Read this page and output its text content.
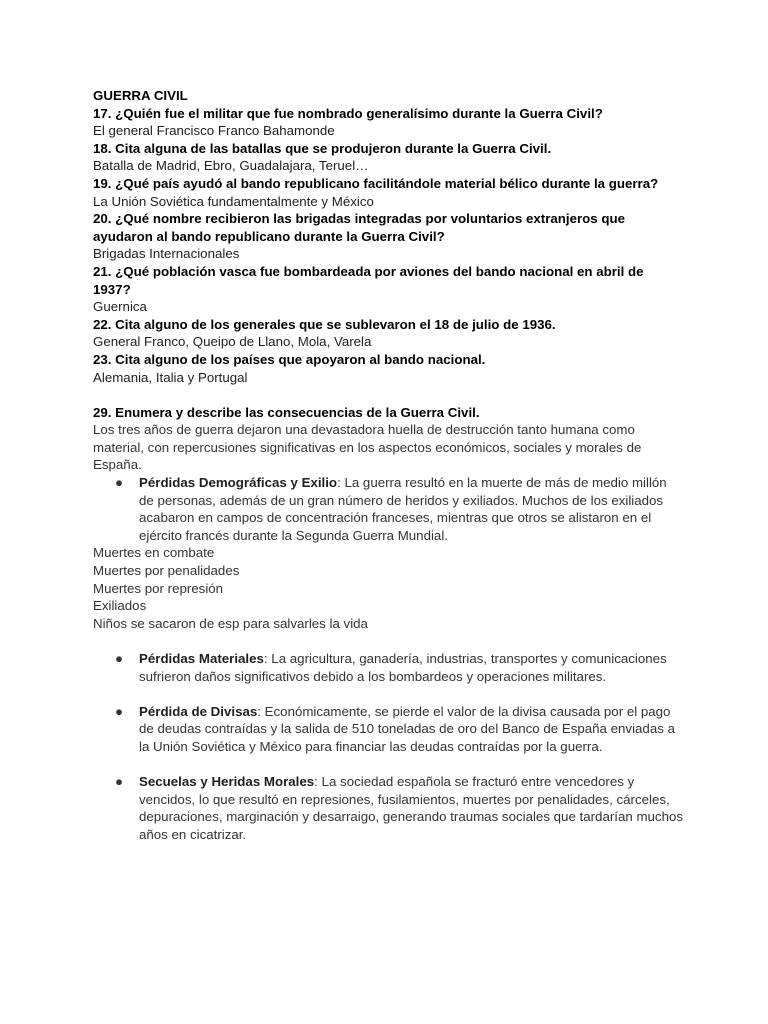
GUERRA CIVIL

17. ¿Quién fue el militar que fue nombrado generalísimo durante la Guerra Civil?

El general Francisco Franco Bahamonde

18. Cita alguna de las batallas que se produjeron durante la Guerra Civil.

Batalla de Madrid, Ebro, Guadalajara, Teruel…

19. ¿Qué país ayudó al bando republicano facilitándole material bélico durante la guerra?

La Unión Soviética fundamentalmente y México

20. ¿Qué nombre recibieron las brigadas integradas por voluntarios extranjeros que ayudaron al bando republicano durante la Guerra Civil?

Brigadas Internacionales

21. ¿Qué población vasca fue bombardeada por aviones del bando nacional en abril de 1937?

Guernica

22. Cita alguno de los generales que se sublevaron el 18 de julio de 1936.

General Franco, Queipo de Llano, Mola, Varela

23. Cita alguno de los países que apoyaron al bando nacional.

Alemania, Italia y Portugal

29. Enumera y describe las consecuencias de la Guerra Civil.

Los tres años de guerra dejaron una devastadora huella de destrucción tanto humana como material, con repercusiones significativas en los aspectos económicos, sociales y morales de España.

● Pérdidas Demográficas y Exilio: La guerra resultó en la muerte de más de medio millón de personas, además de un gran número de heridos y exiliados. Muchos de los exiliados acabaron en campos de concentración franceses, mientras que otros se alistaron en el ejército francés durante la Segunda Guerra Mundial.

Muertes en combate

Muertes por penalidades

Muertes por represión

Exiliados

Niños se sacaron de esp para salvarles la vida

● Pérdidas Materiales: La agricultura, ganadería, industrias, transportes y comunicaciones sufrieron daños significativos debido a los bombardeos y operaciones militares.
● Pérdida de Divisas: Económicamente, se pierde el valor de la divisa causada por el pago de deudas contraídas y la salida de 510 toneladas de oro del Banco de España enviadas a la Unión Soviética y México para financiar las deudas contraídas por la guerra.
● Secuelas y Heridas Morales: La sociedad española se fracturó entre vencedores y vencidos, lo que resultó en represiones, fusilamientos, muertes por penalidades, cárceles, depuraciones, marginación y desarraigo, generando traumas sociales que tardarían muchos años en cicatrizar.
